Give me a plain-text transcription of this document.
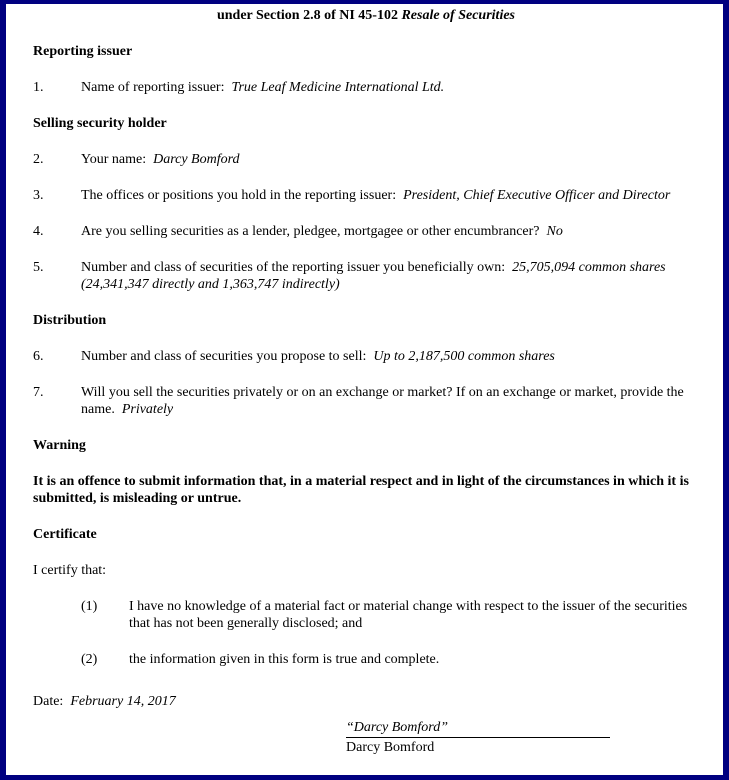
under Section 2.8 of NI 45-102 Resale of Securities
Reporting issuer
1.	Name of reporting issuer: True Leaf Medicine International Ltd.
Selling security holder
2.	Your name: Darcy Bomford
3.	The offices or positions you hold in the reporting issuer: President, Chief Executive Officer and Director
4.	Are you selling securities as a lender, pledgee, mortgagee or other encumbrancer? No
5.	Number and class of securities of the reporting issuer you beneficially own: 25,705,094 common shares (24,341,347 directly and 1,363,747 indirectly)
Distribution
6.	Number and class of securities you propose to sell: Up to 2,187,500 common shares
7.	Will you sell the securities privately or on an exchange or market? If on an exchange or market, provide the name. Privately
Warning
It is an offence to submit information that, in a material respect and in light of the circumstances in which it is submitted, is misleading or untrue.
Certificate
I certify that:
(1) I have no knowledge of a material fact or material change with respect to the issuer of the securities that has not been generally disclosed; and
(2) the information given in this form is true and complete.
Date: February 14, 2017
“Darcy Bomford”
Darcy Bomford
